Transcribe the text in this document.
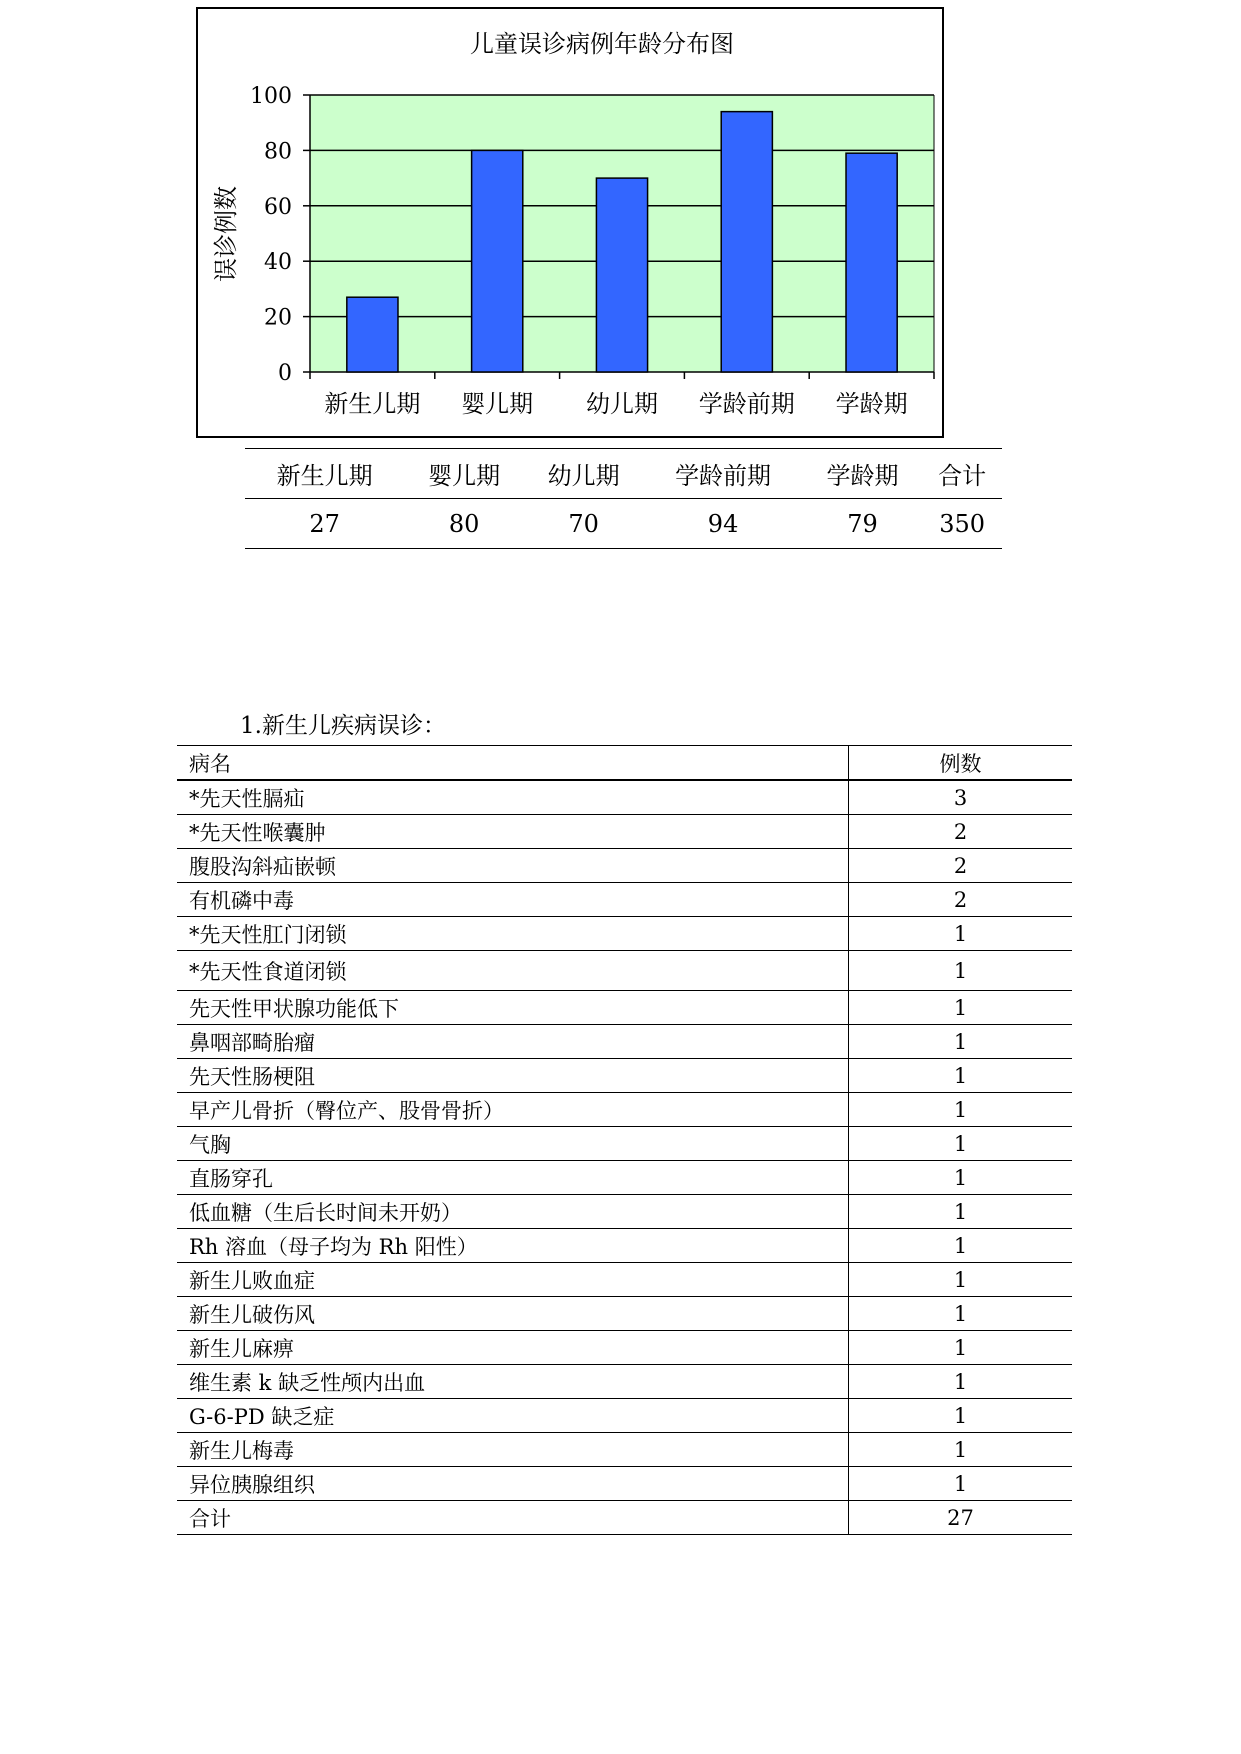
0
20
40
60
80
100
新生儿期 婴儿期 幼儿期 学龄前期 学龄期
儿童误诊病例年龄分布图
误诊例数
新生儿期	婴儿期	幼儿期	学龄前期	学龄期	合计
27	80	70	94	79	350

1.新生儿疾病误诊：

病名	例数
*先天性膈疝	3
*先天性喉囊肿	2
腹股沟斜疝嵌顿	2
有机磷中毒	2
*先天性肛门闭锁	1
*先天性食道闭锁	1
先天性甲状腺功能低下	1
鼻咽部畸胎瘤	1
先天性肠梗阻	1
早产儿骨折（臀位产、股骨骨折）	1
气胸	1
直肠穿孔	1
低血糖（生后长时间未开奶）	1
Rh 溶血（母子均为 Rh 阳性）	1
新生儿败血症	1
新生儿破伤风	1
新生儿麻痹	1
维生素 k 缺乏性颅内出血	1
G-6-PD 缺乏症	1
新生儿梅毒	1
异位胰腺组织	1
合计	27
